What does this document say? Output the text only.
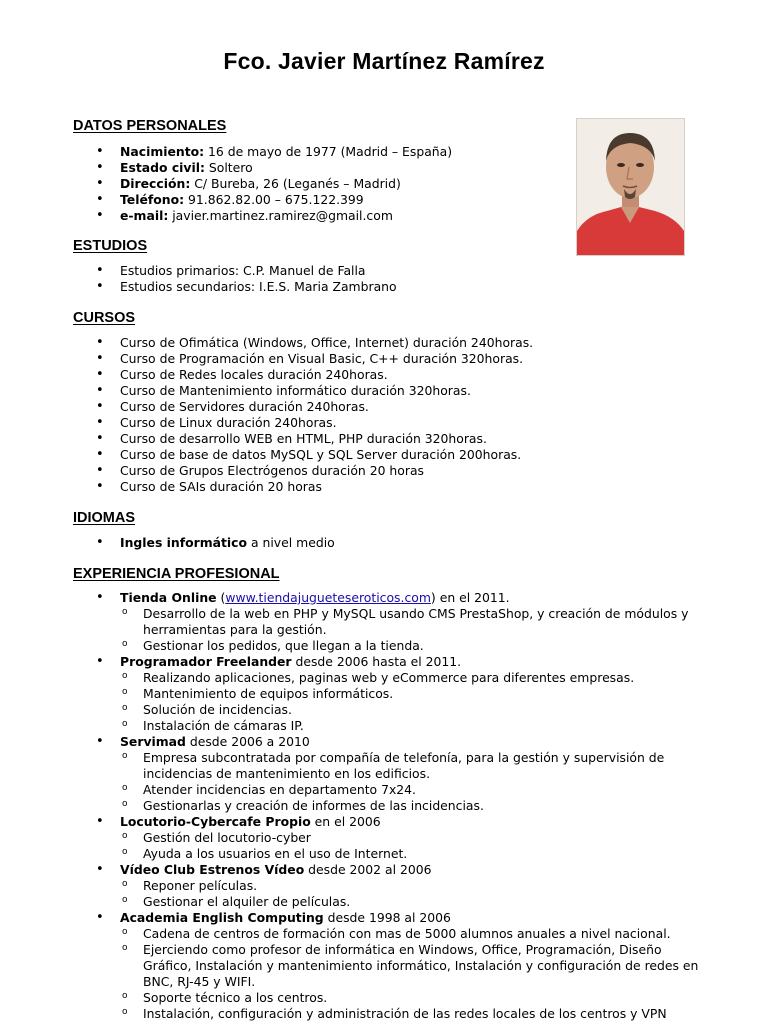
Fco. Javier Martínez Ramírez
DATOS PERSONALES
• Nacimiento: 16 de mayo de 1977 (Madrid – España)
• Estado civil: Soltero
• Dirección: C/ Bureba, 26 (Leganés – Madrid)
• Teléfono: 91.862.82.00 – 675.122.399
• e-mail: javier.martinez.ramirez@gmail.com
ESTUDIOS
• Estudios primarios: C.P. Manuel de Falla
• Estudios secundarios: I.E.S. Maria Zambrano
CURSOS
• Curso de Ofimática (Windows, Office, Internet) duración 240horas.
• Curso de Programación en Visual Basic, C++ duración 320horas.
• Curso de Redes locales duración 240horas.
• Curso de Mantenimiento informático duración 320horas.
• Curso de Servidores duración 240horas.
• Curso de Linux duración 240horas.
• Curso de desarrollo WEB en HTML, PHP duración 320horas.
• Curso de base de datos MySQL y SQL Server duración 200horas.
• Curso de Grupos Electrógenos duración 20 horas
• Curso de SAIs duración 20 horas
IDIOMAS
• Ingles informático a nivel medio
EXPERIENCIA PROFESIONAL
• Tienda Online (www.tiendajugueteseroticos.com) en el 2011.
o Desarrollo de la web en PHP y MySQL usando CMS PrestaShop, y creación de módulos y herramientas para la gestión.
o Gestionar los pedidos, que llegan a la tienda.
• Programador Freelander desde 2006 hasta el 2011.
o Realizando aplicaciones, paginas web y eCommerce para diferentes empresas.
o Mantenimiento de equipos informáticos.
o Solución de incidencias.
o Instalación de cámaras IP.
• Servimad desde 2006 a 2010
o Empresa subcontratada por compañía de telefonía, para la gestión y supervisión de incidencias de mantenimiento en los edificios.
o Atender incidencias en departamento 7x24.
o Gestionarlas y creación de informes de las incidencias.
• Locutorio-Cybercafe Propio en el 2006
o Gestión del locutorio-cyber
o Ayuda a los usuarios en el uso de Internet.
• Vídeo Club Estrenos Vídeo desde 2002 al 2006
o Reponer películas.
o Gestionar el alquiler de películas.
• Academia English Computing desde 1998 al 2006
o Cadena de centros de formación con mas de 5000 alumnos anuales a nivel nacional.
o Ejerciendo como profesor de informática en Windows, Office, Programación, Diseño Gráfico, Instalación y mantenimiento informático, Instalación y configuración de redes en BNC, RJ-45 y WIFI.
o Soporte técnico a los centros.
o Instalación, configuración y administración de las redes locales de los centros y VPN
